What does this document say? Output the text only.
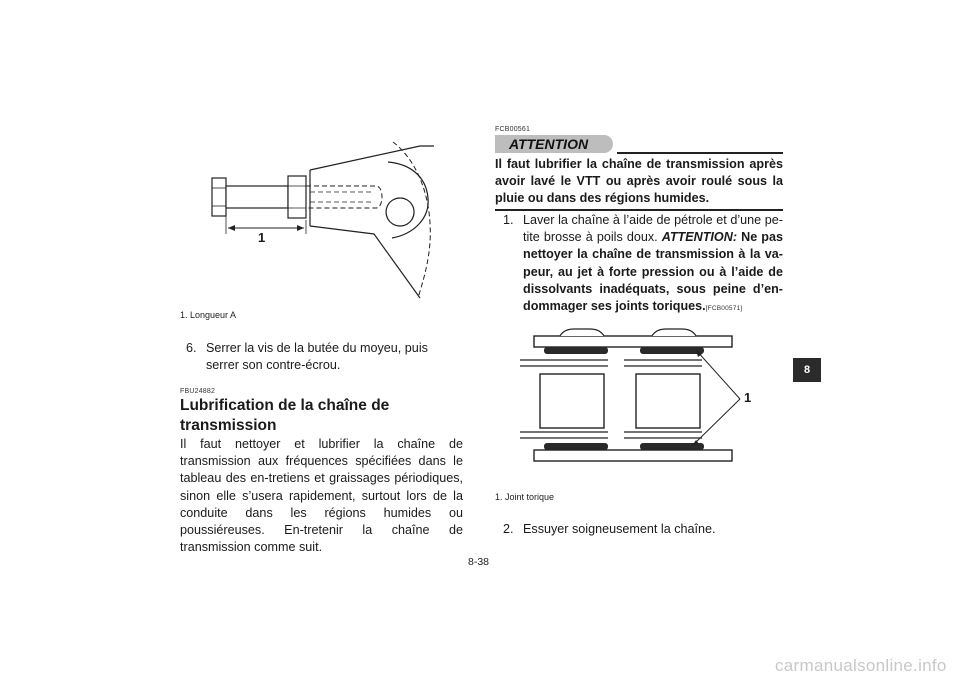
1
1. Longueur A
6. Serrer la vis de la butée du moyeu, puis serrer son contre-écrou.
FBU24882
Lubrification de la chaîne de transmission
Il faut nettoyer et lubrifier la chaîne de transmission aux fréquences spécifiées dans le tableau des en-tretiens et graissages périodiques, sinon elle s’usera rapidement, surtout lors de la conduite dans les régions humides ou poussiéreuses. En-tretenir la chaîne de transmission comme suit.
FCB00561
ATTENTION
Il faut lubrifier la chaîne de transmission après avoir lavé le VTT ou après avoir roulé sous la pluie ou dans des régions humides.
1. Laver la chaîne à l’aide de pétrole et d’une pe-tite brosse à poils doux. ATTENTION: Ne pas nettoyer la chaîne de transmission à la va-peur, au jet à forte pression ou à l’aide de dissolvants inadéquats, sous peine d’en-dommager ses joints toriques.[FCB00571]
1
1. Joint torique
2. Essuyer soigneusement la chaîne.
8
8-38
carmanualsonline.info
